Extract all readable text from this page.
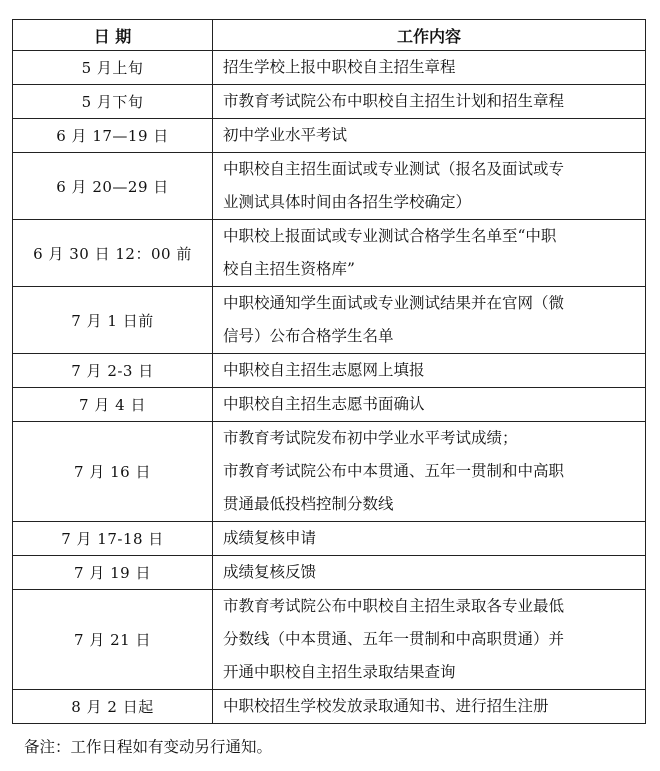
日 期	工作内容
5 月上旬	招生学校上报中职校自主招生章程

5 月下旬	市教育考试院公布中职校自主招生计划和招生章程

6 月 17—19 日	初中学业水平考试

6 月 20—29 日	中职校自主招生面试或专业测试（报名及面试或专
业测试具体时间由各招生学校确定）

6 月 30 日 12：00 前	中职校上报面试或专业测试合格学生名单至“中职
校自主招生资格库”

7 月 1 日前	中职校通知学生面试或专业测试结果并在官网（微
信号）公布合格学生名单

7 月 2-3 日	中职校自主招生志愿网上填报

7 月 4 日	中职校自主招生志愿书面确认

7 月 16 日	市教育考试院发布初中学业水平考试成绩；
市教育考试院公布中本贯通、五年一贯制和中高职
贯通最低投档控制分数线

7 月 17-18 日	成绩复核申请

7 月 19 日	成绩复核反馈

7 月 21 日	市教育考试院公布中职校自主招生录取各专业最低
分数线（中本贯通、五年一贯制和中高职贯通）并
开通中职校自主招生录取结果查询

8 月 2 日起	中职校招生学校发放录取通知书、进行招生注册
备注：工作日程如有变动另行通知。
